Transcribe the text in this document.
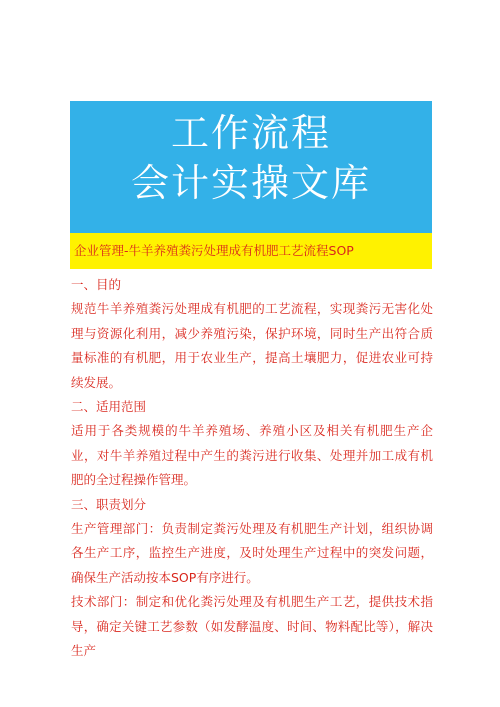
工作流程
会计实操文库
企业管理-牛羊养殖粪污处理成有机肥工艺流程SOP

一、目的

规范牛羊养殖粪污处理成有机肥的工艺流程，实现粪污无害化处理与资源化利用，减少养殖污染，保护环境，同时生产出符合质量标准的有机肥，用于农业生产，提高土壤肥力，促进农业可持续发展。

二、适用范围

适用于各类规模的牛羊养殖场、养殖小区及相关有机肥生产企业，对牛羊养殖过程中产生的粪污进行收集、处理并加工成有机肥的全过程操作管理。

三、职责划分

生产管理部门：负责制定粪污处理及有机肥生产计划，组织协调各生产工序，监控生产进度，及时处理生产过程中的突发问题，确保生产活动按本SOP有序进行。

技术部门：制定和优化粪污处理及有机肥生产工艺，提供技术指导，确定关键工艺参数（如发酵温度、时间、物料配比等），解决生产
